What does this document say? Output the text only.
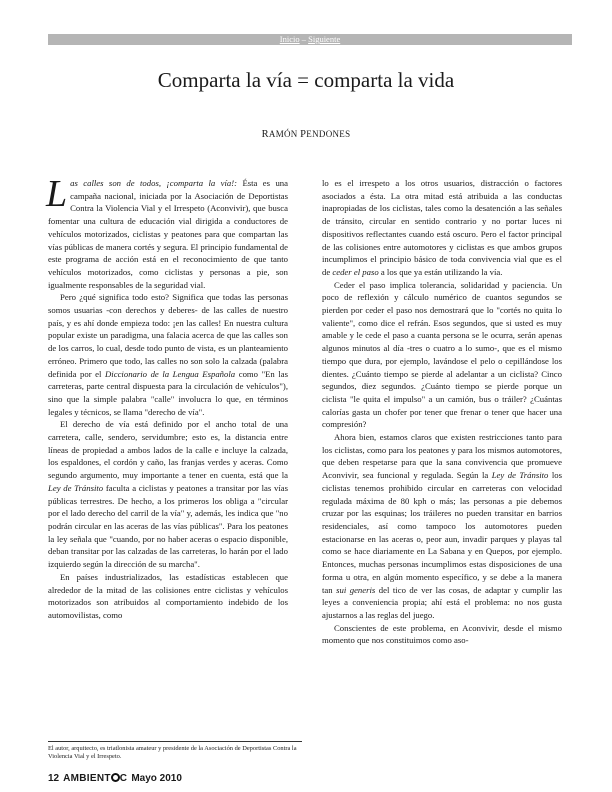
Inicio – Siguiente
Comparta la vía = comparta la vida
RAMÓN PENDONES

Las calles son de todos, ¡comparta la vía!: Ésta es una campaña nacional, iniciada por la Asociación de Deportistas Contra la Violencia Vial y el Irrespeto (Aconvivir), que busca fomentar una cultura de educación vial dirigida a conductores de vehículos motorizados, ciclistas y peatones para que compartan las vías públicas de manera cortés y segura. El principio fundamental de este programa de acción está en el reconocimiento de que tanto vehículos motorizados, como ciclistas y personas a pie, son igualmente responsables de la seguridad vial.

Pero ¿qué significa todo esto? Significa que todas las personas somos usuarias -con derechos y deberes- de las calles de nuestro país, y es ahí donde empieza todo: ¡en las calles! En nuestra cultura popular existe un paradigma, una falacia acerca de que las calles son de los carros, lo cual, desde todo punto de vista, es un planteamiento erróneo. Primero que todo, las calles no son solo la calzada (palabra definida por el Diccionario de la Lengua Española como "En las carreteras, parte central dispuesta para la circulación de vehículos"), sino que la simple palabra "calle" involucra lo que, en términos legales y técnicos, se llama "derecho de vía".

El derecho de vía está definido por el ancho total de una carretera, calle, sendero, servidumbre; esto es, la distancia entre líneas de propiedad a ambos lados de la calle e incluye la calzada, los espaldones, el cordón y caño, las franjas verdes y aceras. Como segundo argumento, muy importante a tener en cuenta, está que la Ley de Tránsito faculta a ciclistas y peatones a transitar por las vías públicas terrestres. De hecho, a los primeros los obliga a "circular por el lado derecho del carril de la vía" y, además, les indica que "no podrán circular en las aceras de las vías públicas". Para los peatones la ley señala que "cuando, por no haber aceras o espacio disponible, deban transitar por las calzadas de las carreteras, lo harán por el lado izquierdo según la dirección de su marcha".

En países industrializados, las estadísticas establecen que alrededor de la mitad de las colisiones entre ciclistas y vehículos motorizados son atribuidos al comportamiento indebido de los automovilistas, como

lo es el irrespeto a los otros usuarios, distracción o factores asociados a ésta. La otra mitad está atribuida a las conductas inapropiadas de los ciclistas, tales como la desatención a las señales de tránsito, circular en sentido contrario y no portar luces ni dispositivos reflectantes cuando está oscuro. Pero el factor principal de las colisiones entre automotores y ciclistas es que ambos grupos incumplimos el principio básico de toda convivencia vial que es el de ceder el paso a los que ya están utilizando la vía.

Ceder el paso implica tolerancia, solidaridad y paciencia. Un poco de reflexión y cálculo numérico de cuantos segundos se pierden por ceder el paso nos demostrará que lo "cortés no quita lo valiente", como dice el refrán. Esos segundos, que si usted es muy amable y le cede el paso a cuanta persona se le ocurra, serán apenas algunos minutos al día -tres o cuatro a lo sumo-, que es el mismo tiempo que dura, por ejemplo, lavándose el pelo o cepillándose los dientes. ¿Cuánto tiempo se pierde al adelantar a un ciclista? Cinco segundos, diez segundos. ¿Cuánto tiempo se pierde porque un ciclista "le quita el impulso" a un camión, bus o tráiler? ¿Cuántas calorías gasta un chofer por tener que frenar o tener que hacer una compresión?

Ahora bien, estamos claros que existen restricciones tanto para los ciclistas, como para los peatones y para los mismos automotores, que deben respetarse para que la sana convivencia que promueve Aconvivir, sea funcional y regulada. Según la Ley de Tránsito los ciclistas tenemos prohibido circular en carreteras con velocidad regulada máxima de 80 kph o más; las personas a pie debemos cruzar por las esquinas; los tráileres no pueden transitar en barrios residenciales, así como tampoco los automotores pueden estacionarse en las aceras o, peor aun, invadir parques y playas tal como se hace diariamente en La Sabana y en Quepos, por ejemplo. Entonces, muchas personas incumplimos estas disposiciones de una forma u otra, en algún momento específico, y se debe a la manera tan sui generis del tico de ver las cosas, de adaptar y cumplir las leyes a conveniencia propia; ahí está el problema: no nos gusta ajustarnos a las reglas del juego.

Conscientes de este problema, en Aconvivir, desde el mismo momento que nos constituimos como aso-

El autor, arquitecto, es triatlonista amateur y presidente de la Asociación de Deportistas Contra la Violencia Vial y el Irrespeto.
12 AMBIENT C Mayo 2010
